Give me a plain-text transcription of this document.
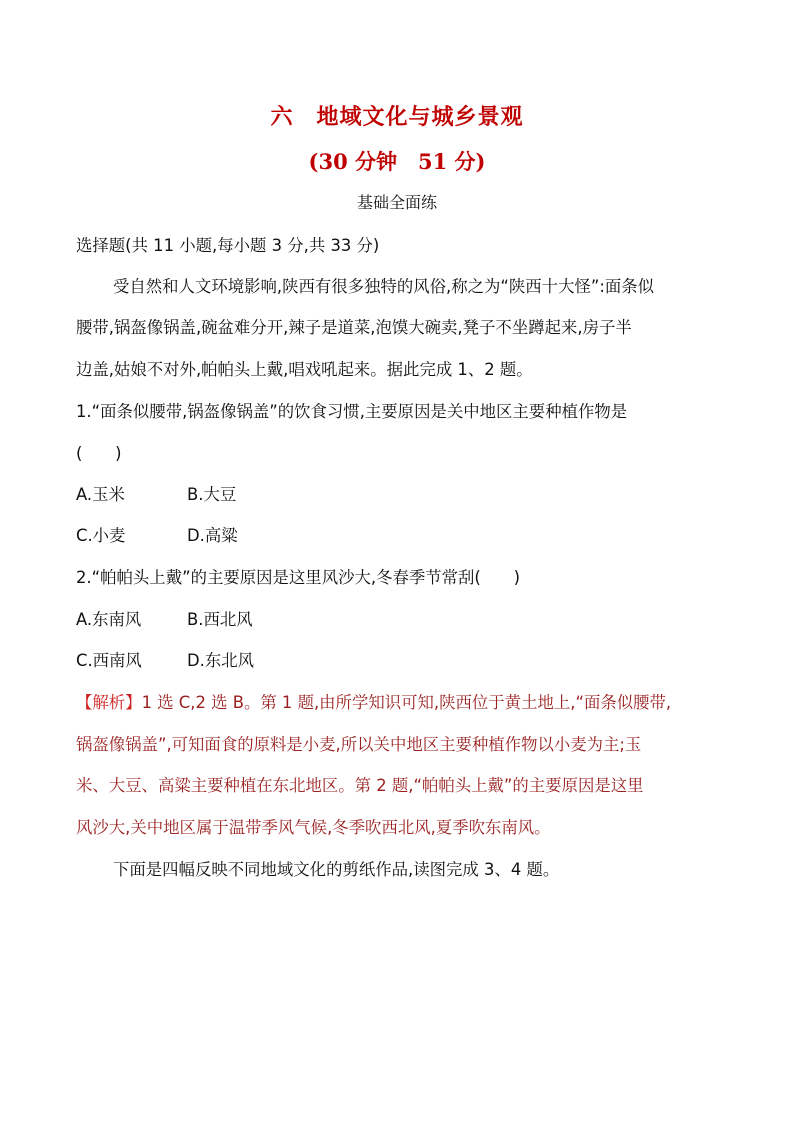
六　地域文化与城乡景观
(30 分钟　51 分)
基础全面练
选择题(共 11 小题,每小题 3 分,共 33 分)
受自然和人文环境影响,陕西有很多独特的风俗,称之为“陕西十大怪”:面条似
腰带,锅盔像锅盖,碗盆难分开,辣子是道菜,泡馍大碗卖,凳子不坐蹲起来,房子半
边盖,姑娘不对外,帕帕头上戴,唱戏吼起来。据此完成 1、2 题。
1.“面条似腰带,锅盔像锅盖”的饮食习惯,主要原因是关中地区主要种植作物是
(　　)
A.玉米	B.大豆
C.小麦	D.高粱
2.“帕帕头上戴”的主要原因是这里风沙大,冬春季节常刮(　　)
A.东南风	B.西北风
C.西南风	D.东北风
【解析】1 选 C,2 选 B。第 1 题,由所学知识可知,陕西位于黄土地上,“面条似腰带,
锅盔像锅盖”,可知面食的原料是小麦,所以关中地区主要种植作物以小麦为主;玉
米、大豆、高粱主要种植在东北地区。第 2 题,“帕帕头上戴”的主要原因是这里
风沙大,关中地区属于温带季风气候,冬季吹西北风,夏季吹东南风。
下面是四幅反映不同地域文化的剪纸作品,读图完成 3、4 题。
